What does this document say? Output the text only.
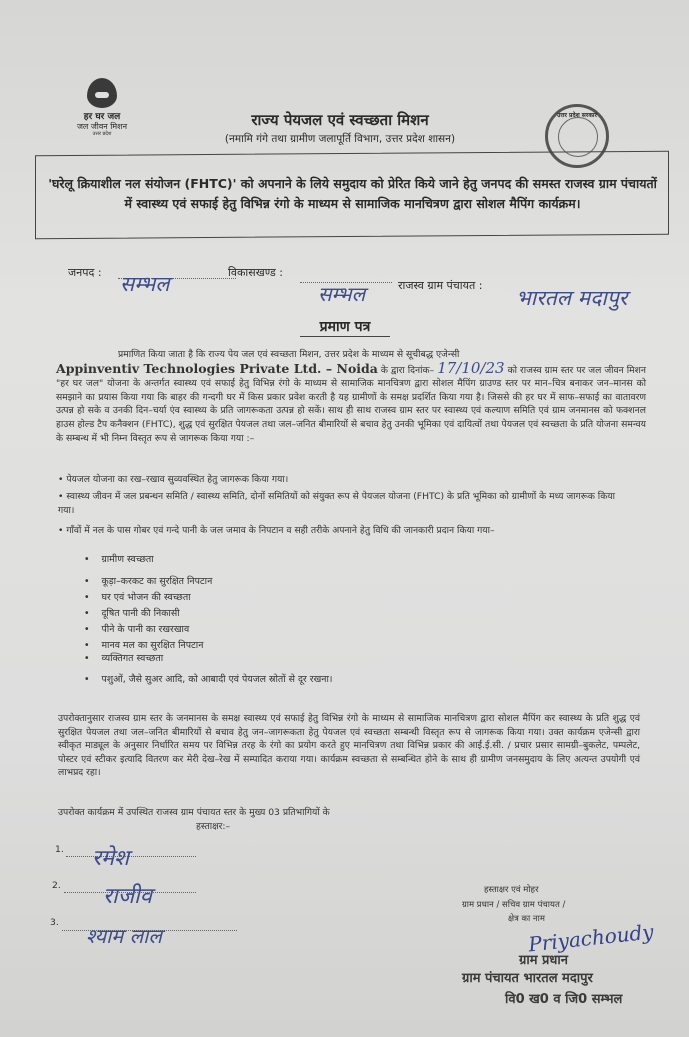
हर घर जल
जल जीवन मिशन
उत्तर प्रदेश
उत्तर प्रदेश सरकार
राज्य पेयजल एवं स्वच्छता मिशन
(नमामि गंगे तथा ग्रामीण जलापूर्ति विभाग, उत्तर प्रदेश शासन)
'घरेलू क्रियाशील नल संयोजन (FHTC)' को अपनाने के लिये समुदाय को प्रेरित किये जाने हेतु जनपद की समस्त राजस्व ग्राम पंचायतों में स्वास्थ्य एवं सफाई हेतु विभिन्न रंगो के माध्यम से सामाजिक मानचित्रण द्वारा सोशल मैपिंग कार्यक्रम।
जनपद : सम्भल	विकासखण्ड :
सम्भल	राजस्व ग्राम पंचायत :
भारतल मदापुर
प्रमाण पत्र
प्रमाणित किया जाता है कि राज्य पेय जल एवं स्वच्छता मिशन, उत्तर प्रदेश के माध्यम से सूचीबद्ध एजेन्सी
Appinventiv Technologies Private Ltd. – Noida के द्वारा दिनांक– 17/10/23 को राजस्व ग्राम स्तर पर जल जीवन मिशन "हर घर जल" योजना के अन्तर्गत स्वास्थ्य एवं सफाई हेतु विभिन्न रंगो के माध्यम से सामाजिक मानचित्रण द्वारा सोशल मैपिंग ग्राउण्ड स्तर पर मान–चित्र बनाकर जन–मानस को समझाने का प्रयास किया गया कि बाहर की गन्दगी घर में किस प्रकार प्रवेश करती है यह ग्रामीणों के समक्ष प्रदर्शित किया गया है। जिससे की हर घर में साफ–सफाई का वातावरण उत्पन्न हो सके व उनकी दिन–चर्या एंव स्वास्थ्य के प्रति जागरूकता उत्पन्न हो सकें। साथ ही साथ राजस्व ग्राम स्तर पर स्वास्थ्य एवं कल्याण समिति एवं ग्राम जनमानस को फक्शनल हाउस होल्ड टैप कनैक्शन (FHTC), शुद्ध एवं सुरक्षित पेयजल तथा जल–जनित बीमारियों से बचाव हेतु उनकी भूमिका एवं दायित्वों तथा पेयजल एवं स्वच्छता के प्रति योजना समन्वय के सम्बन्ध में भी निम्न विस्तृत रूप से जागरूक किया गया :–
• पेयजल योजना का रख–रखाव सुव्यवस्थित हेतु जागरूक किया गया।
• स्वास्थ्य जीवन में जल प्रबन्धन समिति / स्वास्थ्य समिति, दोनों समितियों को संयुक्त रूप से पेयजल योजना (FHTC) के प्रति भूमिका को ग्रामीणों के मध्य जागरूक किया गया।
• गाँवों में नल के पास गोबर एवं गन्दे पानी के जल जमाव के निपटान व सही तरीके अपनाने हेतु विधि की जानकारी प्रदान किया गया–
•    ग्रामीण स्वच्छता
•    कूड़ा–करकट का सुरक्षित निपटान
•    घर एवं भोजन की स्वच्छता
•    दूषित पानी की निकासी
•    पीने के पानी का रखरखाव
•    मानव मल का सुरक्षित निपटान
•    व्यक्तिगत स्वच्छता
•    पशुओं, जैसे सुअर आदि, को आबादी एवं पेयजल स्रोतों से दूर रखना।
उपरोक्तानुसार राजस्व ग्राम स्तर के जनमानस के समक्ष स्वास्थ्य एवं सफाई हेतु विभिन्न रंगो के माध्यम से सामाजिक मानचित्रण द्वारा सोशल मैपिंग कर स्वास्थ्य के प्रति शुद्ध एवं सुरक्षित पेयजल तथा जल–जनित बीमारियों से बचाव हेतु जन–जागरूकता हेतु पेयजल एवं स्वच्छता सम्बन्धी विस्तृत रूप से जागरूक किया गया। उक्त कार्यक्रम एजेन्सी द्वारा स्वीकृत माड्यूल के अनुसार निर्धारित समय पर विभिन्न तरह के रंगो का प्रयोग करते हुए मानचित्रण तथा विभिन्न प्रकार की आई.ई.सी. / प्रचार प्रसार सामग्री–बुकलेट, पम्पलेट, पोस्टर एवं स्टीकर इत्यादि वितरण कर मेरी देख–रेख में सम्पादित कराया गया। कार्यक्रम स्वच्छता से सम्बन्धित होने के साथ ही ग्रामीण जनसमुदाय के लिए अत्यन्त उपयोगी एवं लाभप्रद रहा।
उपरोक्त कार्यक्रम में उपस्थित राजस्व ग्राम पंचायत स्तर के मुख्य 03 प्रतिभागियों के
हस्ताक्षर:–
1. रमेश
2. राजीव
3.
श्याम लाल
हस्ताक्षर एवं मोहर
ग्राम प्रधान / सचिव ग्राम पंचायत /
क्षेत्र का नाम
Priyachoudy
ग्राम प्रधान
ग्राम पंचायत भारतल मदापुर
वि0 ख0 व जि0 सम्भल
